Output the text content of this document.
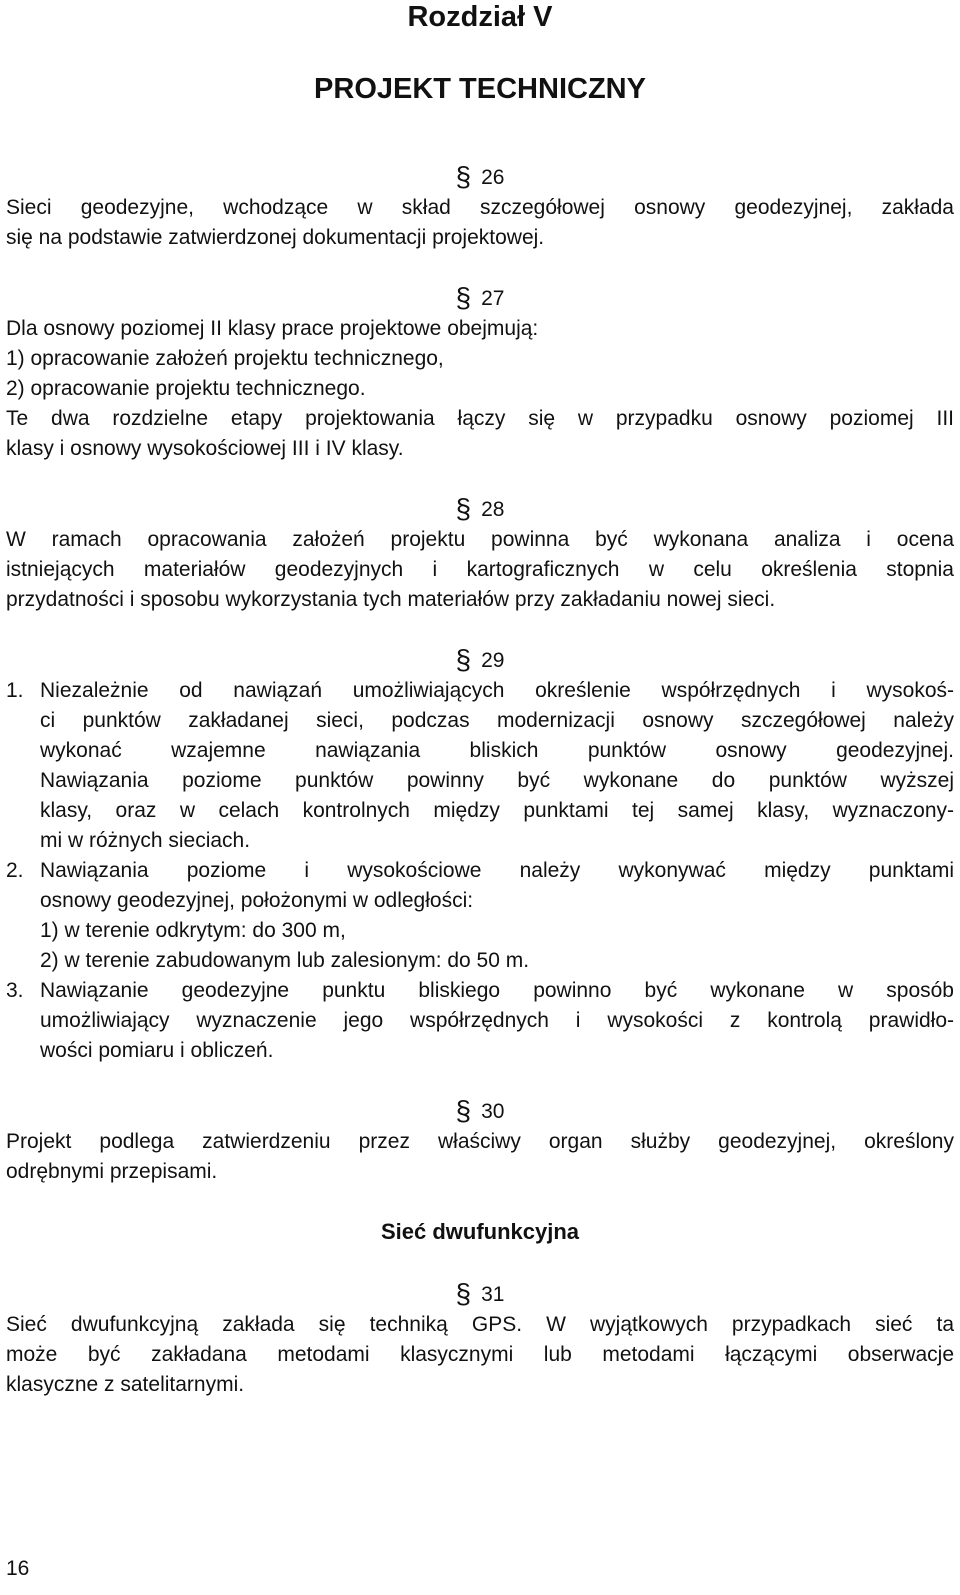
Rozdział V
PROJEKT TECHNICZNY
§ 26
Sieci geodezyjne, wchodzące w skład szczegółowej osnowy geodezyjnej, zakłada
się na podstawie zatwierdzonej dokumentacji projektowej.
§ 27
Dla osnowy poziomej II klasy prace projektowe obejmują:
1) opracowanie założeń projektu technicznego,
2) opracowanie projektu technicznego.
Te dwa rozdzielne etapy projektowania łączy się w przypadku osnowy poziomej III
klasy i osnowy wysokościowej III i IV klasy.
§ 28
W ramach opracowania założeń projektu powinna być wykonana analiza i ocena
istniejących materiałów geodezyjnych i kartograficznych w celu określenia stopnia
przydatności i sposobu wykorzystania tych materiałów przy zakładaniu nowej sieci.
§ 29
1. Niezależnie od nawiązań umożliwiających określenie współrzędnych i wysokoś-
ci punktów zakładanej sieci, podczas modernizacji osnowy szczegółowej należy
wykonać wzajemne nawiązania bliskich punktów osnowy geodezyjnej.
Nawiązania poziome punktów powinny być wykonane do punktów wyższej
klasy, oraz w celach kontrolnych między punktami tej samej klasy, wyznaczony-
mi w różnych sieciach.
2. Nawiązania poziome i wysokościowe należy wykonywać między punktami
osnowy geodezyjnej, położonymi w odległości:
1) w terenie odkrytym: do 300 m,
2) w terenie zabudowanym lub zalesionym: do 50 m.
3. Nawiązanie geodezyjne punktu bliskiego powinno być wykonane w sposób
umożliwiający wyznaczenie jego współrzędnych i wysokości z kontrolą prawidło-
wości pomiaru i obliczeń.
§ 30
Projekt podlega zatwierdzeniu przez właściwy organ służby geodezyjnej, określony
odrębnymi przepisami.
Sieć dwufunkcyjna
§ 31
Sieć dwufunkcyjną zakłada się techniką GPS. W wyjątkowych przypadkach sieć ta
może być zakładana metodami klasycznymi lub metodami łączącymi obserwacje
klasyczne z satelitarnymi.
16
